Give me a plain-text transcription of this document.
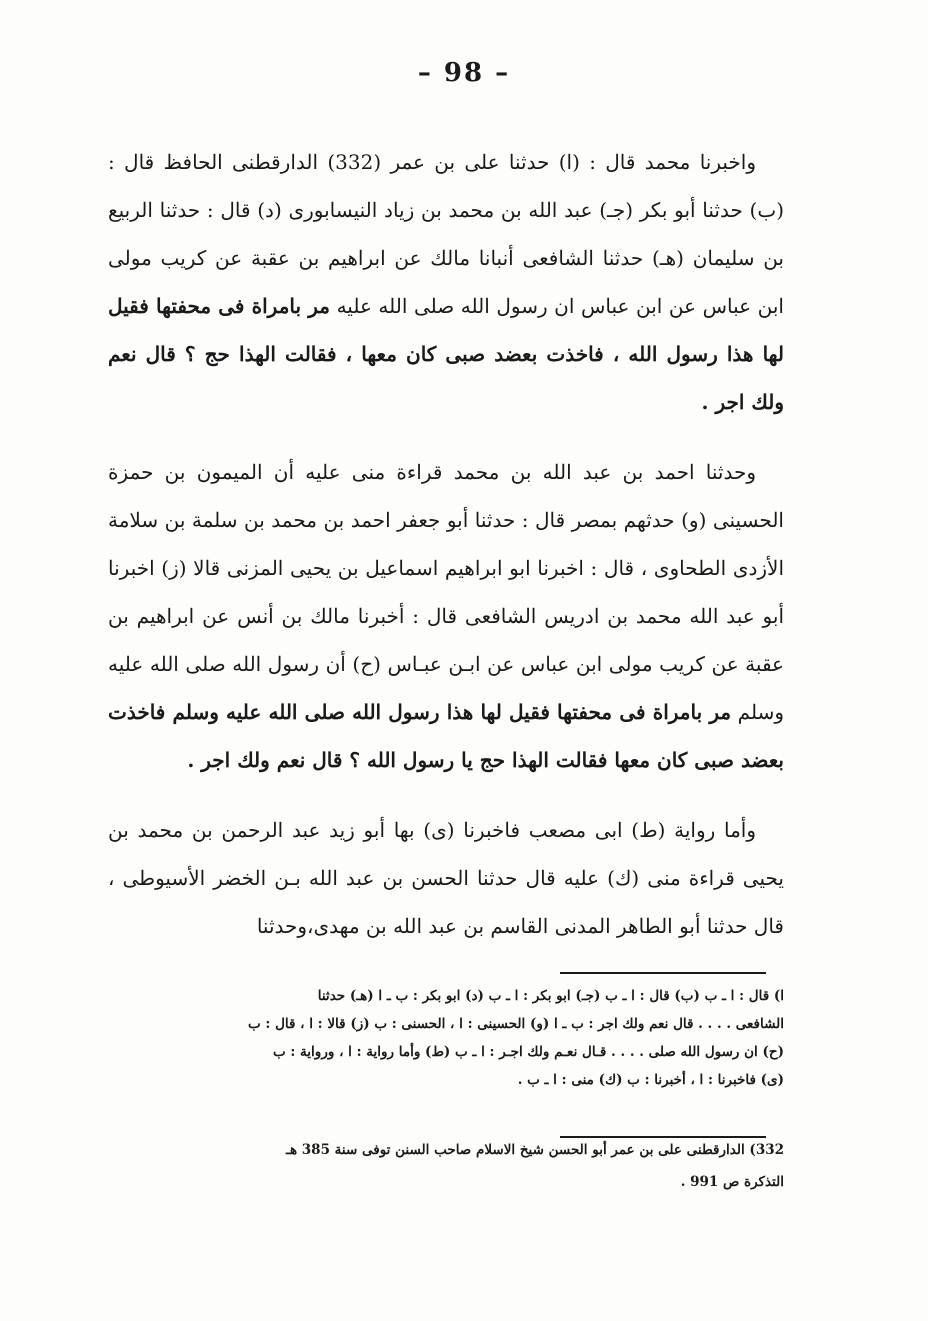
– 98 –

واخبرنا محمد قال : (ا) حدثنا على بن عمر (332) الدارقطنى الحافظ قال : (ب) حدثنا أبو بكر (جـ) عبد الله بن محمد بن زياد النيسابورى (د) قال : حدثنا الربيع بن سليمان (هـ) حدثنا الشافعى أنبانا مالك عن ابراهيم بن عقبة عن كريب مولى ابن عباس عن ابن عباس ان رسول الله صلى الله عليه مر بامراة فى محفتها فقيل لها هذا رسول الله ، فاخذت بعضد صبى كان معها ، فقالت الهذا حج ؟ قال نعم ولك اجر .

وحدثنا احمد بن عبد الله بن محمد قراءة منى عليه أن الميمون بن حمزة الحسينى (و) حدثهم بمصر قال : حدثنا أبو جعفر احمد بن محمد بن سلمة بن سلامة الأزدى الطحاوى ، قال : اخبرنا ابو ابراهيم اسماعيل بن يحيى المزنى قالا (ز) اخبرنا أبو عبد الله محمد بن ادريس الشافعى قال : أخبرنا مالك بن أنس عن ابراهيم بن عقبة عن كريب مولى ابن عباس عن ابـن عبـاس (ح) أن رسول الله صلى الله عليه وسلم مر بامراة فى محفتها فقيل لها هذا رسول الله صلى الله عليه وسلم فاخذت بعضد صبى كان معها فقالت الهذا حج يا رسول الله ؟ قال نعم ولك اجر .

وأما رواية (ط) ابى مصعب فاخبرنا (ى) بها أبو زيد عبد الرحمن بن محمد بن يحيى قراءة منى (ك) عليه قال حدثنا الحسن بن عبد الله بـن الخضر الأسيوطى ، قال حدثنا أبو الطاهر المدنى القاسم بن عبد الله بن مهدى،وحدثنا

ا) قال : ا ـ ب (ب) قال : ا ـ ب (جـ) ابو بكر : ا ـ ب (د) ابو بكر : ب ـ ا (هـ) حدثنا
الشافعى . . . . قال نعم ولك اجر : ب ـ ا (و) الحسينى : ا ، الحسنى : ب (ز) قالا : ا ، قال : ب
(ح) ان رسول الله صلى . . . . قـال نعـم ولك اجـر : ا ـ ب (ط) وأما رواية : ا ، ورواية : ب
(ى) فاخبرنا : ا ، أخبرنا : ب (ك) منى : ا ـ ب .
332) الدارقطنى على بن عمر أبو الحسن شيخ الاسلام صاحب السنن توفى سنة 385 هـ
التذكرة ص 991 .
